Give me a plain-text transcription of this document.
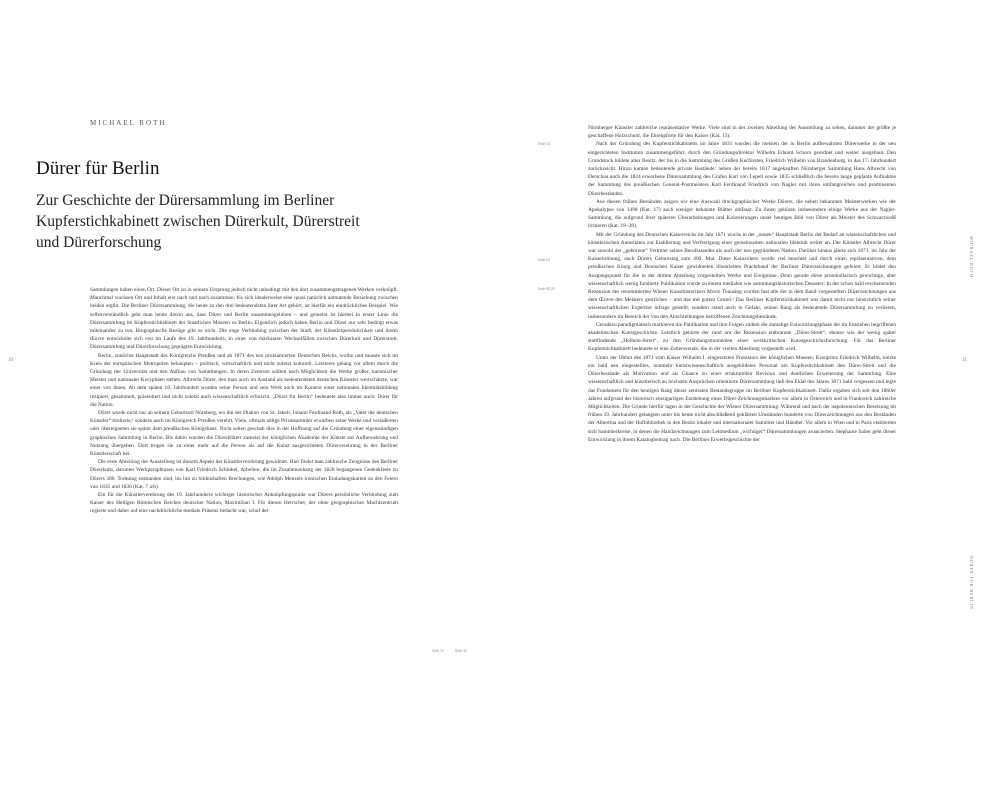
MICHAEL ROTH
Dürer für Berlin
Zur Geschichte der Dürersammlung im Berliner Kupferstichkabinett zwischen Dürerkult, Dürerstreit und Dürerforschung

Sammlungen haben einen Ort. Dieser Ort ist in seinem Ursprung jedoch nicht unbedingt mit den dort zusammengetragenen Werken verknüpft. Manchmal wachsen Ort und Inhalt erst nach und nach zusammen, bis sich idealerweise eine quasi natürlich anmutende Beziehung zwischen beiden ergibt. Die Berliner Dürersammlung, die heute zu den drei bedeutendsten ihrer Art gehört, ist hierfür ein eindrückliches Beispiel. Wie selbstverständlich geht man heute davon aus, dass Dürer und Berlin zusammengehören – und gemeint ist hierbei in erster Linie die Dürersammlung im Kupferstichkabinett der Staatlichen Museen zu Berlin. Eigentlich jedoch haben Berlin und Dürer nur sehr bedingt etwas miteinander zu tun. Biographische Bezüge gibt es nicht. Die enge Verbindung zwischen der Stadt, der Künstlerpersönlichkeit und ihrem Œuvre entwickelte sich erst im Laufe des 19. Jahrhunderts, in einer von markanten Wechselfällen zwischen Dürerkult und Dürerstreit, Dürersammlung und Dürerforschung geprägten Entwicklung.

Berlin, zunächst Hauptstadt des Königreichs Preußen und ab 1871 des neu proklamierten Deutschen Reichs, wollte und musste sich im Kreis der europäischen Metropolen behaupten – politisch, wirtschaftlich und nicht zuletzt kulturell. Letzteres gelang vor allem durch die Gründung der Universität und den Aufbau von Sammlungen. In deren Zentrum sollten nach Möglichkeit die Werke großer, kanonischer Meister und nationaler Koryphäen stehen. Albrecht Dürer, den man auch im Ausland als bedeutendsten deutschen Künstler wertschätzte, war einer von ihnen. Ab dem späten 18. Jahrhundert wurden seine Person und sein Werk auch im Kontext einer nationalen Identitätsbildung rezipiert, gesammelt, präsentiert und nicht zuletzt auch wissenschaftlich erforscht. „Dürer für Berlin“ bedeutete also immer auch: Dürer für die Nation.

Dürer wurde nicht nur an seinem Geburtsort Nürnberg, wo ihn der Diakon von St. Jakob, Johann Ferdinand Roth, als „Vater der deutschen Künstler“ titulierte,¹ sondern auch im Königreich Preußen verehrt. Viele, oftmals adlige Privatsammler erwarben seine Werke und veräußerten oder übereigneten sie später dem preußischen Königshaus. Nicht selten geschah dies in der Hoffnung auf die Gründung einer eigenständigen graphischen Sammlung in Berlin. Bis dahin wurden die Dürerblätter zumeist der königlichen Akademie der Künste zur Aufbewahrung und Nutzung übergeben. Dort trugen sie zu einer mehr auf die Person als auf die Kunst ausgerichteten Dürerverehrung in der Berliner Künstlerschaft bei.

Die erste Abteilung der Ausstellung ist diesem Aspekt der Künstlerverehrung gewidmet. Hier findet man zahlreiche Zeugnisse des Berliner Dürerkults, darunter Werkparaphrasen von Karl Friedrich Schinkel, Arbeiten, die im Zusammenhang der 1828 begangenen Gedenkfeste zu Dürers 300. Todestag entstanden sind, bis hin zu bildnishaften Brechungen, wie Adolph Menzels ironischen Einladungskarten zu den Feiern von 1835 und 1836 (Kat. 7 a/b).

Ein für die Künstlerverehrung des 19. Jahrhunderts wichtiger historischer Anknüpfungspunkt war Dürers persönliche Verbindung zum Kaiser des Heiligen Römischen Reiches deutscher Nation, Maximilian I. Für diesen Herrscher, der ohne geographisches Machtzentrum regierte und daher auf eine nachdrückliche mediale Präsenz bedacht war, schuf der

10
Seite 32
Seite 34
Seite 64
Seite 68–81
Seite 72

Nürnberger Künstler zahlreiche repräsentative Werke. Viele sind in der zweiten Abteilung der Ausstellung zu sehen, darunter der größte je geschaffene Holzschnitt, die Ehrenpforte für den Kaiser (Kat. 13).

Nach der Gründung des Kupferstichkabinetts im Jahre 1831 wurden die meisten der in Berlin aufbewahrten Dürerwerke in der neu eingerichteten Institution zusammengeführt, durch den Gründungsdirektor Wilhelm Eduard Schorn geordnet und weiter ausgebaut. Den Grundstock bildete alter Besitz, der bis in die Sammlung des Großen Kurfürsten, Friedrich Wilhelm von Brandenburg, in das 17. Jahrhundert zurückreicht. Hinzu kamen bedeutende private Bestände: neben der bereits 1817 angekauften Nürnberger Sammlung Hans Albrecht von Derschau auch die 1824 erworbene Dürersammlung des Grafen Karl von Lepell sowie 1835 schließlich die bereits lange geplante Aufnahme der Sammlung des preußischen General-Postmeisters Karl Ferdinand Friedrich von Nagler mit ihren umfangreichen und prominenten Dürerbeständen.

Aus diesen frühen Beständen zeigen wir eine Auswahl druckgraphischer Werke Dürers, die neben bekannten Meisterwerken wie der Apokalypse von 1498 (Kat. 17) auch weniger bekannte Blätter umfasst. Zu ihnen gehören insbesondere einige Werke aus der Nagler-Sammlung, die aufgrund ihrer späteren Überarbeitungen und Kolorierungen unser heutiges Bild von Dürer als Meister des Schwarzweiß irritieren (Kat. 19–28).

Mit der Gründung des Deutschen Kaiserreichs im Jahr 1871 wuchs in der „neuen“ Hauptstadt Berlin der Bedarf an wissenschaftlichen und künstlerischen Autoritäten zur Etablierung und Verfestigung einer gemeinsamen nationalen Identität weiter an. Der Künstler Albrecht Dürer war sowohl der „geborene“ Vertreter seines Berufsstandes als auch der neu gegründeten Nation. Darüber hinaus jährte sich 1871, im Jahr der Kaiserkrönung, auch Dürers Geburtstag zum 400. Mal. Diese Koinzidenz wurde viel beachtet und durch einen repräsentativen, dem preußischen König und Deutschen Kaiser gewidmeten illustrierten Prachtband der Berliner Dürerzeichnungen gefeiert. Er bildet den Ausgangspunkt für die in der dritten Abteilung vorgestellten Werke und Ereignisse. Denn gerade diese protokollarisch gewichtige, aber wissenschaftlich wenig fundierte Publikation wurde zu einem medialen wie sammlungshistorischen Desaster: In der schon bald erscheinenden Rezension des renommierten Wiener Kunsthistorikers Moriz Thausing wurden fast alle der in dem Band vorgestellten Dürerzeichnungen aus dem Œuvre des Meisters gestrichen – und das mit gutem Grund.² Das Berliner Kupferstichkabinett war damit nicht nur hinsichtlich seiner wissenschaftlichen Expertise infrage gestellt, sondern stand auch in Gefahr, seinen Rang als bedeutende Dürersammlung zu verlieren, insbesondere im Bereich der von den Abschreibungen betroffenen Zeichnungsbestände.

Geradezu paradigmatisch markieren die Publikation und ihre Folgen zudem die damalige Entwicklungsphase der im Entstehen begriffenen akademischen Kunstgeschichte. Letztlich gehörte der rund um die Rezension entbrannte „Dürer-Streit“, ebenso wie der wenig später stattfindende „Holbein-Streit“, zu den Gründungsmomenten einer werkkritischen Kunstgeschichtsforschung. Für das Berliner Kupferstichkabinett bedeutete er eine Zeitenwende, die in der vierten Abteilung vorgestellt wird.

Unter der Obhut des 1871 vom Kaiser Wilhelm I. eingesetzten Protektors der königlichen Museen, Kronprinz Friedrich Wilhelm, nutzte ein bald neu eingestelltes, nunmehr kunstwissenschaftlich ausgebildetes Personal am Kupferstichkabinett den Dürer-Streit und die Dürerbestände als Motivation und als Chance zu einer strukturellen Revision und deutlichen Erweiterung der Sammlung. Eine wissenschaftlich und künstlerisch an höchsten Ansprüchen orientierte Dürersammlung ließ den Eklat des Jahres 1871 bald vergessen und legte das Fundament für den heutigen Rang dieser zentralen Bestandsgruppe im Berliner Kupferstichkabinett. Dafür ergaben sich seit den 1860er Jahren aufgrund der historisch einzigartigen Entstehung eines Dürer-Zeichnungsmarktes vor allem in Österreich und in Frankreich zahlreiche Möglichkeiten. Die Gründe hierfür lagen in der Geschichte der Wiener Dürersammlung. Während und nach der napoleonischen Besetzung im frühen 19. Jahrhundert gelangten unter bis heute nicht abschließend geklärten Umständen hunderte von Dürerzeichnungen aus den Beständen der Albertina und der Hofbibliothek in den Besitz lokaler und internationaler Sammler und Händler. Vor allem in Wien und in Paris etablierten sich Sammlerkreise, in denen die Handzeichnungen zum Leitmedium „wichtiger“ Dürersammlungen avancierten. Stephanie Sailer geht dieser Entwicklung in ihrem Katalogbeitrag nach. Die Berliner Erwerbsgeschichte der

11
MICHAEL ROTH
DÜRER FÜR BERLIN
